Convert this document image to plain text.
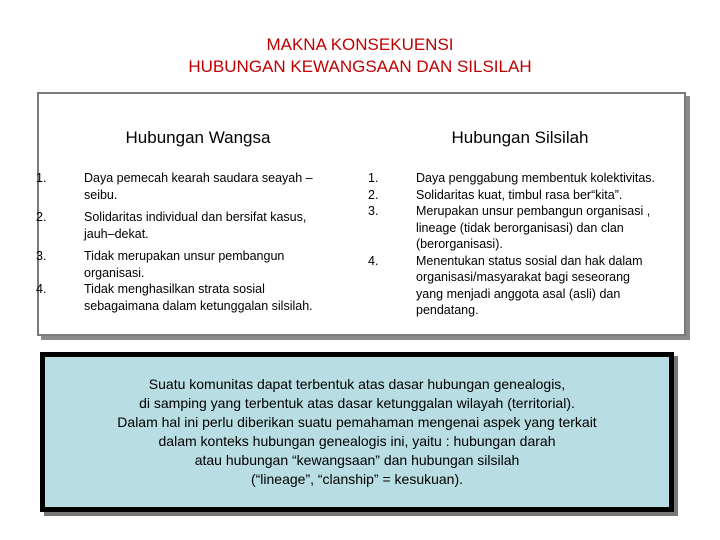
MAKNA KONSEKUENSI
HUBUNGAN KEWANGSAAN DAN SILSILAH
Hubungan Wangsa	Hubungan Silsilah
1.	Daya pemecah kearah saudara seayah –
seibu.
2.	Solidaritas individual dan bersifat kasus,
jauh–dekat.
3.	Tidak merupakan unsur pembangun
organisasi.
4.	Tidak menghasilkan strata sosial
sebagaimana dalam ketunggalan silsilah.
1.	Daya penggabung membentuk kolektivitas.
2.	Solidaritas kuat, timbul rasa ber“kita”.
3.	Merupakan unsur pembangun organisasi ,
lineage (tidak berorganisasi) dan clan
(berorganisasi).
4.	Menentukan status sosial dan hak dalam
organisasi/masyarakat bagi seseorang
yang menjadi anggota asal (asli) dan
pendatang.
Suatu komunitas dapat terbentuk atas dasar hubungan genealogis,
di samping yang terbentuk atas dasar ketunggalan wilayah (territorial).
Dalam hal ini perlu diberikan suatu pemahaman mengenai aspek yang terkait
dalam konteks hubungan genealogis ini, yaitu : hubungan darah
atau hubungan “kewangsaan” dan hubungan silsilah
(“lineage”, “clanship” = kesukuan).
